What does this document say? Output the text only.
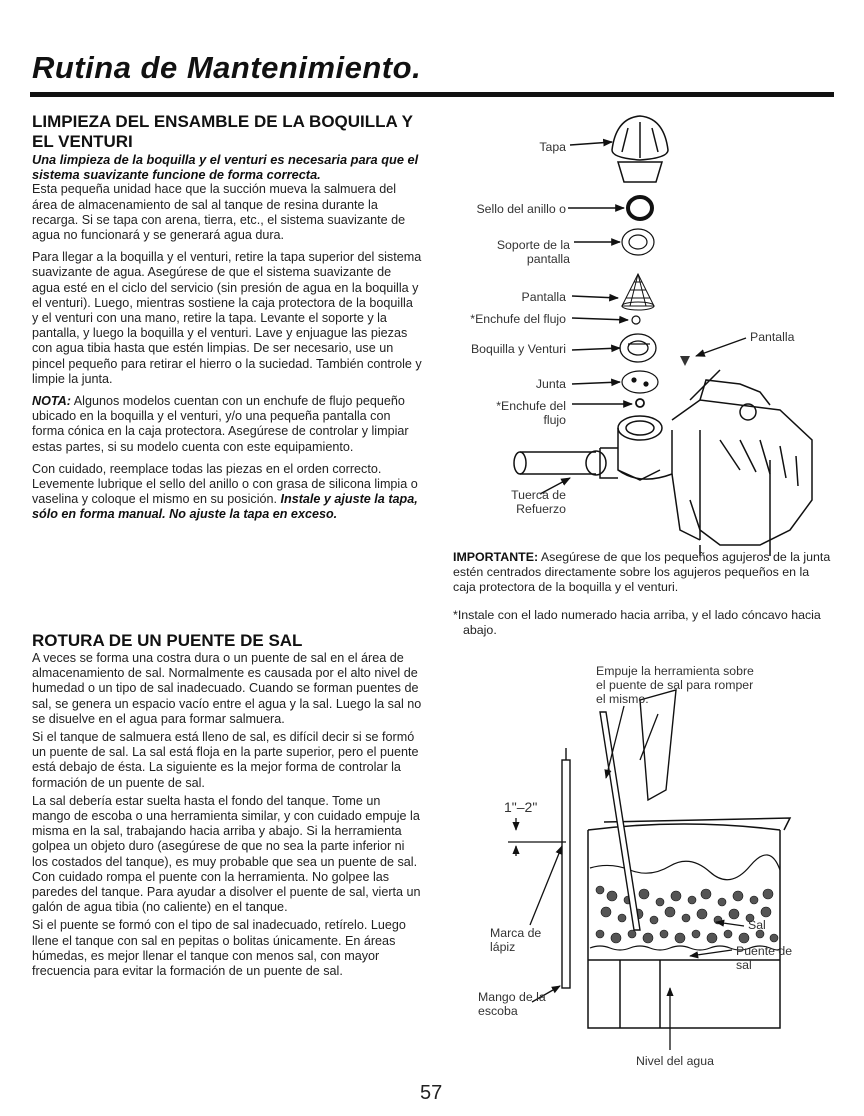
Rutina de Mantenimiento.
LIMPIEZA DEL ENSAMBLE DE LA BOQUILLA Y
EL VENTURI

Una limpieza de la boquilla y el venturi es necesaria para que el sistema suavizante funcione de forma correcta.

Esta pequeña unidad hace que la succión mueva la salmuera del área de almacenamiento de sal al tanque de resina durante la recarga. Si se tapa con arena, tierra, etc., el sistema suavizante de agua no funcionará y se generará agua dura.

Para llegar a la boquilla y el venturi, retire la tapa superior del sistema suavizante de agua. Asegúrese de que el sistema suavizante de agua esté en el ciclo del servicio (sin presión de agua en la boquilla y el venturi). Luego, mientras sostiene la caja protectora de la boquilla y el venturi con una mano, retire la tapa. Levante el soporte y la pantalla, y luego la boquilla y el venturi. Lave y enjuague las piezas con agua tibia hasta que estén limpias. De ser necesario, use un pincel pequeño para retirar el hierro o la suciedad. También controle y limpie la junta.

NOTA: Algunos modelos cuentan con un enchufe de flujo pequeño ubicado en la boquilla y el venturi, y/o una pequeña pantalla con forma cónica en la caja protectora. Asegúrese de controlar y limpiar estas partes, si su modelo cuenta con este equipamiento.

Con cuidado, reemplace todas las piezas en el orden correcto. Levemente lubrique el sello del anillo o con grasa de silicona limpia o vaselina y coloque el mismo en su posición. Instale y ajuste la tapa, sólo en forma manual. No ajuste la tapa en exceso.

ROTURA DE UN PUENTE DE SAL

A veces se forma una costra dura o un puente de sal en el área de almacenamiento de sal. Normalmente es causada por el alto nivel de humedad o un tipo de sal inadecuado. Cuando se forman puentes de sal, se genera un espacio vacío entre el agua y la sal. Luego la sal no se disuelve en el agua para formar salmuera.

Si el tanque de salmuera está lleno de sal, es difícil decir si se formó un puente de sal. La sal está floja en la parte superior, pero el puente está debajo de ésta. La siguiente es la mejor forma de controlar la formación de un puente de sal.

La sal debería estar suelta hasta el fondo del tanque. Tome un mango de escoba o una herramienta similar, y con cuidado empuje la misma en la sal, trabajando hacia arriba y abajo. Si la herramienta golpea un objeto duro (asegúrese de que no sea la parte inferior ni los costados del tanque), es muy probable que sea un puente de sal. Con cuidado rompa el puente con la herramienta. No golpee las paredes del tanque. Para ayudar a disolver el puente de sal, vierta un galón de agua tibia (no caliente) en el tanque.

Si el puente se formó con el tipo de sal inadecuado, retírelo. Luego llene el tanque con sal en pepitas o bolitas únicamente. En áreas húmedas, es mejor llenar el tanque con menos sal, con mayor frecuencia para evitar la formación de un puente de sal.

Tapa
Sello del anillo o
Soporte de la pantalla
Pantalla
*Enchufe del flujo
Boquilla y Venturi
Pantalla
Junta
*Enchufe del flujo
Tuerca de Refuerzo
IMPORTANTE: Asegúrese de que los pequeños agujeros de la junta estén centrados directamente sobre los agujeros pequeños en la caja protectora de la boquilla y el venturi.
*Instale con el lado numerado hacia arriba, y el lado cóncavo hacia abajo.
Empuje la herramienta sobre el puente de sal para romper el mismo.
1"–2"
Marca de lápiz
Mango de la escoba
Sal
Puente de sal
Nivel del agua
57
